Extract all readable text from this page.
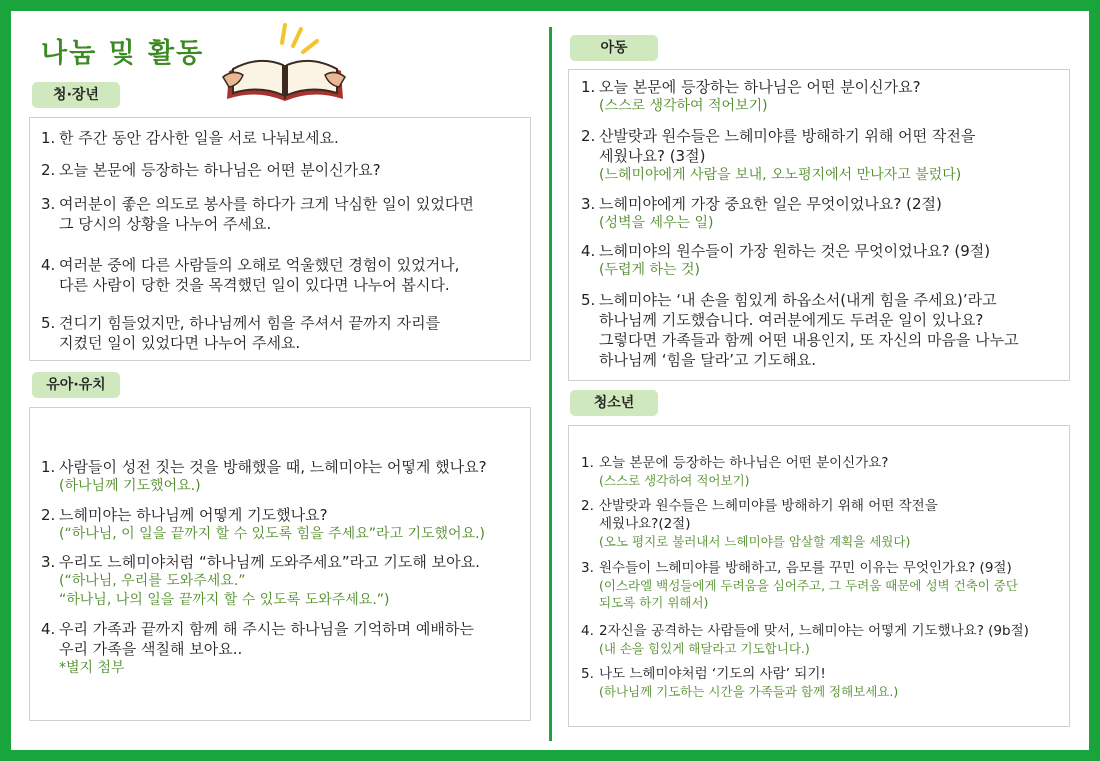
나눔 및 활동
청·장년
1. 한 주간 동안 감사한 일을 서로 나눠보세요.
2. 오늘 본문에 등장하는 하나님은 어떤 분이신가요?
3. 여러분이 좋은 의도로 봉사를 하다가 크게 낙심한 일이 있었다면
그 당시의 상황을 나누어 주세요.
4. 여러분 중에 다른 사람들의 오해로 억울했던 경험이 있었거나,
다른 사람이 당한 것을 목격했던 일이 있다면 나누어 봅시다.
5. 견디기 힘들었지만, 하나님께서 힘을 주셔서 끝까지 자리를
지켰던 일이 있었다면 나누어 주세요.
유아·유치
1. 사람들이 성전 짓는 것을 방해했을 때, 느헤미야는 어떻게 했나요?
(하나님께 기도했어요.)
2. 느헤미야는 하나님께 어떻게 기도했나요?
(“하나님, 이 일을 끝까지 할 수 있도록 힘을 주세요”라고 기도했어요.)
3. 우리도 느헤미야처럼 “하나님께 도와주세요”라고 기도해 보아요.
(“하나님, 우리를 도와주세요.”
“하나님, 나의 일을 끝까지 할 수 있도록 도와주세요.”)
4. 우리 가족과 끝까지 함께 해 주시는 하나님을 기억하며 예배하는
우리 가족을 색칠해 보아요..
*별지 첨부
아동
1. 오늘 본문에 등장하는 하나님은 어떤 분이신가요?
(스스로 생각하여 적어보기)
2. 산발랏과 원수들은 느헤미야를 방해하기 위해 어떤 작전을
세웠나요? (3절)
(느헤미야에게 사람을 보내, 오노평지에서 만나자고 불렀다)
3. 느헤미야에게 가장 중요한 일은 무엇이었나요? (2절)
(성벽을 세우는 일)
4. 느헤미야의 원수들이 가장 원하는 것은 무엇이었나요? (9절)
(두렵게 하는 것)
5. 느헤미야는 ‘내 손을 힘있게 하옵소서(내게 힘을 주세요)’라고
하나님께 기도했습니다. 여러분에게도 두려운 일이 있나요?
그렇다면 가족들과 함께 어떤 내용인지, 또 자신의 마음을 나누고
하나님께 ‘힘을 달라’고 기도해요.
청소년
1. 오늘 본문에 등장하는 하나님은 어떤 분이신가요?
(스스로 생각하여 적어보기)
2. 산발랏과 원수들은 느헤미야를 방해하기 위해 어떤 작전을
세웠나요?(2절)
(오노 평지로 불러내서 느헤미야를 암살할 계획을 세웠다)
3. 원수들이 느헤미야를 방해하고, 음모를 꾸민 이유는 무엇인가요? (9절)
(이스라엘 백성들에게 두려움을 심어주고, 그 두려움 때문에 성벽 건축이 중단
되도록 하기 위해서)
4. 2자신을 공격하는 사람들에 맞서, 느헤미야는 어떻게 기도했나요? (9b절)
(내 손을 힘있게 해달라고 기도합니다.)
5. 나도 느헤미야처럼 ‘기도의 사람’ 되기!
(하나님께 기도하는 시간을 가족들과 함께 정해보세요.)
